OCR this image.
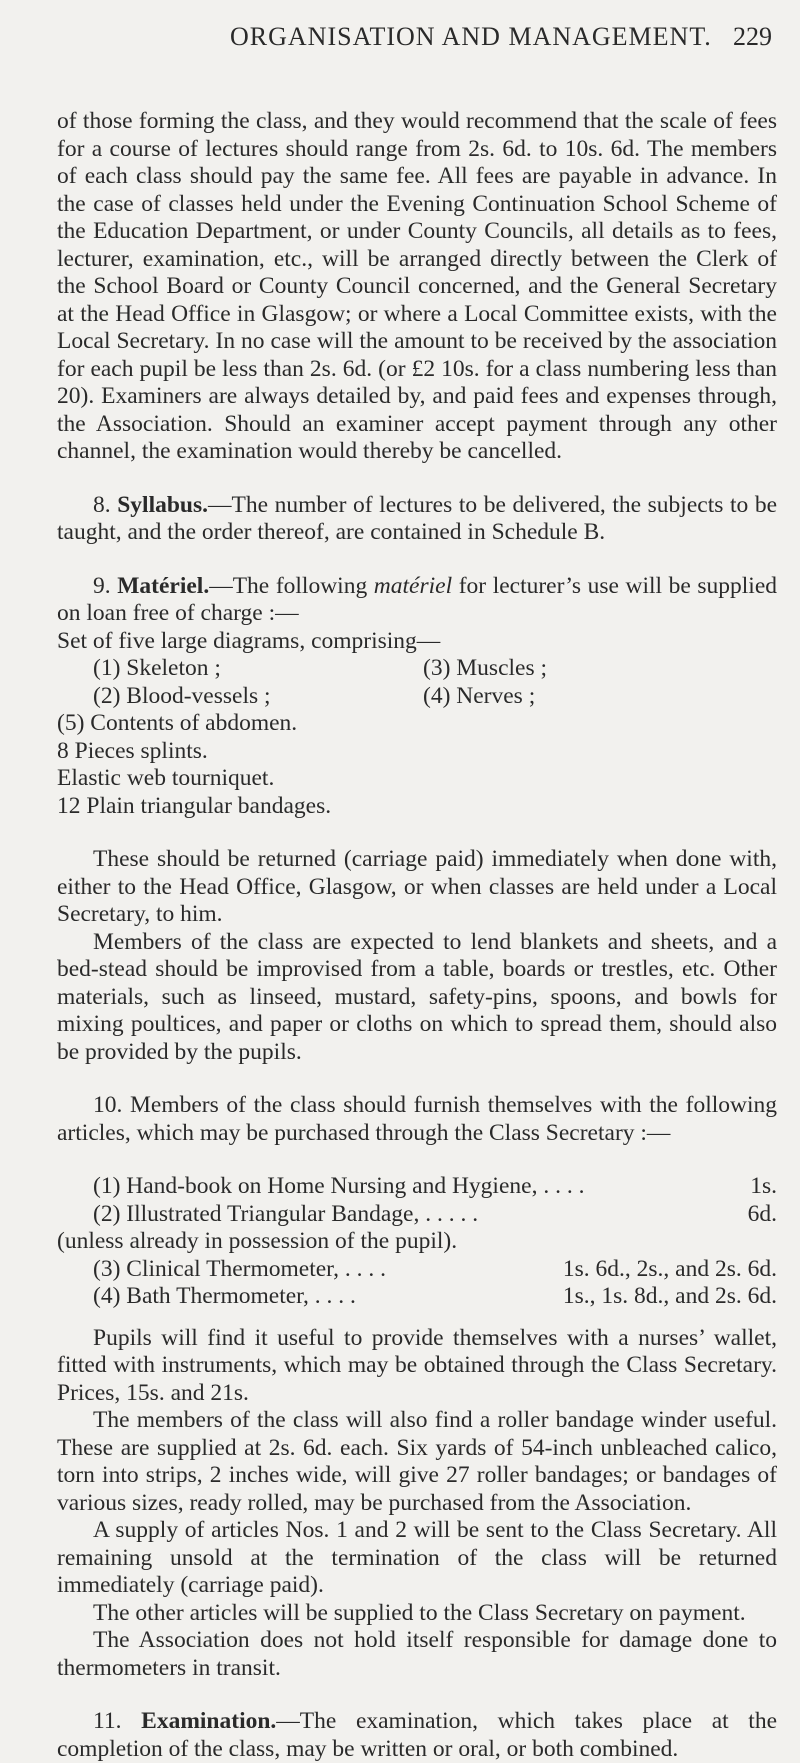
ORGANISATION AND MANAGEMENT. 229

of those forming the class, and they would recommend that the scale of fees for a course of lectures should range from 2s. 6d. to 10s. 6d. The members of each class should pay the same fee. All fees are payable in advance. In the case of classes held under the Evening Continuation School Scheme of the Education Department, or under County Councils, all details as to fees, lecturer, examination, etc., will be arranged directly between the Clerk of the School Board or County Council concerned, and the General Secretary at the Head Office in Glasgow; or where a Local Committee exists, with the Local Secretary. In no case will the amount to be received by the association for each pupil be less than 2s. 6d. (or £2 10s. for a class numbering less than 20). Examiners are always detailed by, and paid fees and expenses through, the Association. Should an examiner accept payment through any other channel, the examination would thereby be cancelled.

8. Syllabus.—The number of lectures to be delivered, the subjects to be taught, and the order thereof, are contained in Schedule B.

9. Matériel.—The following matériel for lecturer’s use will be supplied on loan free of charge :—

Set of five large diagrams, comprising—

(1) Skeleton ;	(3) Muscles ;
(2) Blood-vessels ;	(4) Nerves ;

(5) Contents of abdomen.

8 Pieces splints.

Elastic web tourniquet.

12 Plain triangular bandages.

These should be returned (carriage paid) immediately when done with, either to the Head Office, Glasgow, or when classes are held under a Local Secretary, to him.

Members of the class are expected to lend blankets and sheets, and a bed-stead should be improvised from a table, boards or trestles, etc. Other materials, such as linseed, mustard, safety-pins, spoons, and bowls for mixing poultices, and paper or cloths on which to spread them, should also be provided by the pupils.

10. Members of the class should furnish themselves with the following articles, which may be purchased through the Class Secretary :—

(1) Hand-book on Home Nursing and Hygiene, . . . .	1s.
(2) Illustrated Triangular Bandage, . . . . .	6d.

(unless already in possession of the pupil).

(3) Clinical Thermometer, . . . .	1s. 6d., 2s., and 2s. 6d.
(4) Bath Thermometer, . . . .	1s., 1s. 8d., and 2s. 6d.

Pupils will find it useful to provide themselves with a nurses’ wallet, fitted with instruments, which may be obtained through the Class Secretary. Prices, 15s. and 21s.

The members of the class will also find a roller bandage winder useful. These are supplied at 2s. 6d. each. Six yards of 54-inch unbleached calico, torn into strips, 2 inches wide, will give 27 roller bandages; or bandages of various sizes, ready rolled, may be purchased from the Association.

A supply of articles Nos. 1 and 2 will be sent to the Class Secretary. All remaining unsold at the termination of the class will be returned immediately (carriage paid).

The other articles will be supplied to the Class Secretary on payment.

The Association does not hold itself responsible for damage done to thermometers in transit.

11. Examination.—The examination, which takes place at the completion of the class, may be written or oral, or both combined.
